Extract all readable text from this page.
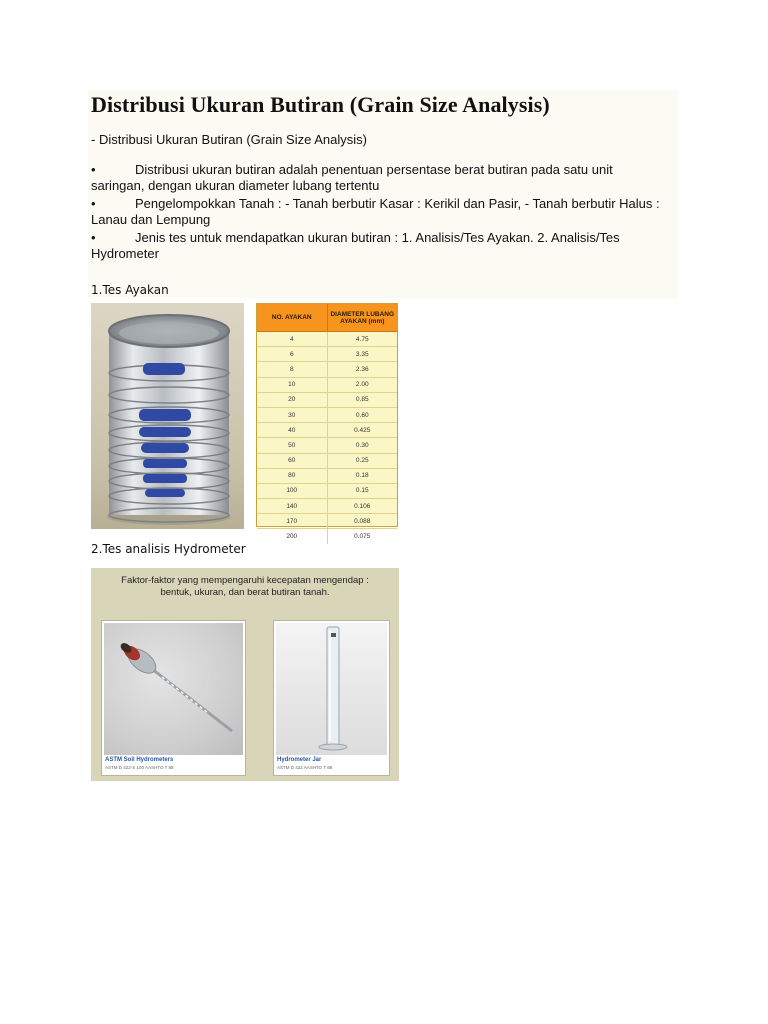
Distribusi Ukuran Butiran (Grain Size Analysis)
- Distribusi Ukuran Butiran (Grain Size Analysis)
•	Distribusi ukuran butiran adalah penentuan persentase berat butiran pada satu unit saringan, dengan ukuran diameter lubang tertentu
•	Pengelompokkan Tanah : - Tanah berbutir Kasar : Kerikil dan Pasir, - Tanah berbutir Halus : Lanau dan Lempung
•	Jenis tes untuk mendapatkan ukuran butiran : 1. Analisis/Tes Ayakan. 2. Analisis/Tes Hydrometer
1.Tes Ayakan
NO. AYAKAN	DIAMETER LUBANG AYAKAN (mm)
4	4.75
6	3.35
8	2.36
10	2.00
20	0.85
30	0.60
40	0.425
50	0.30
60	0.25
80	0.18
100	0.15
140	0.106
170	0.088
200	0.075
2.Tes analisis Hydrometer
Faktor-faktor yang mempengaruhi kecepatan mengendap :
bentuk, ukuran, dan berat butiran tanah.
ASTM Soil Hydrometers
ASTM D 422-S 100 AASHTO T 88
Hydrometer Jar
ASTM D 422 AASHTO T 88
